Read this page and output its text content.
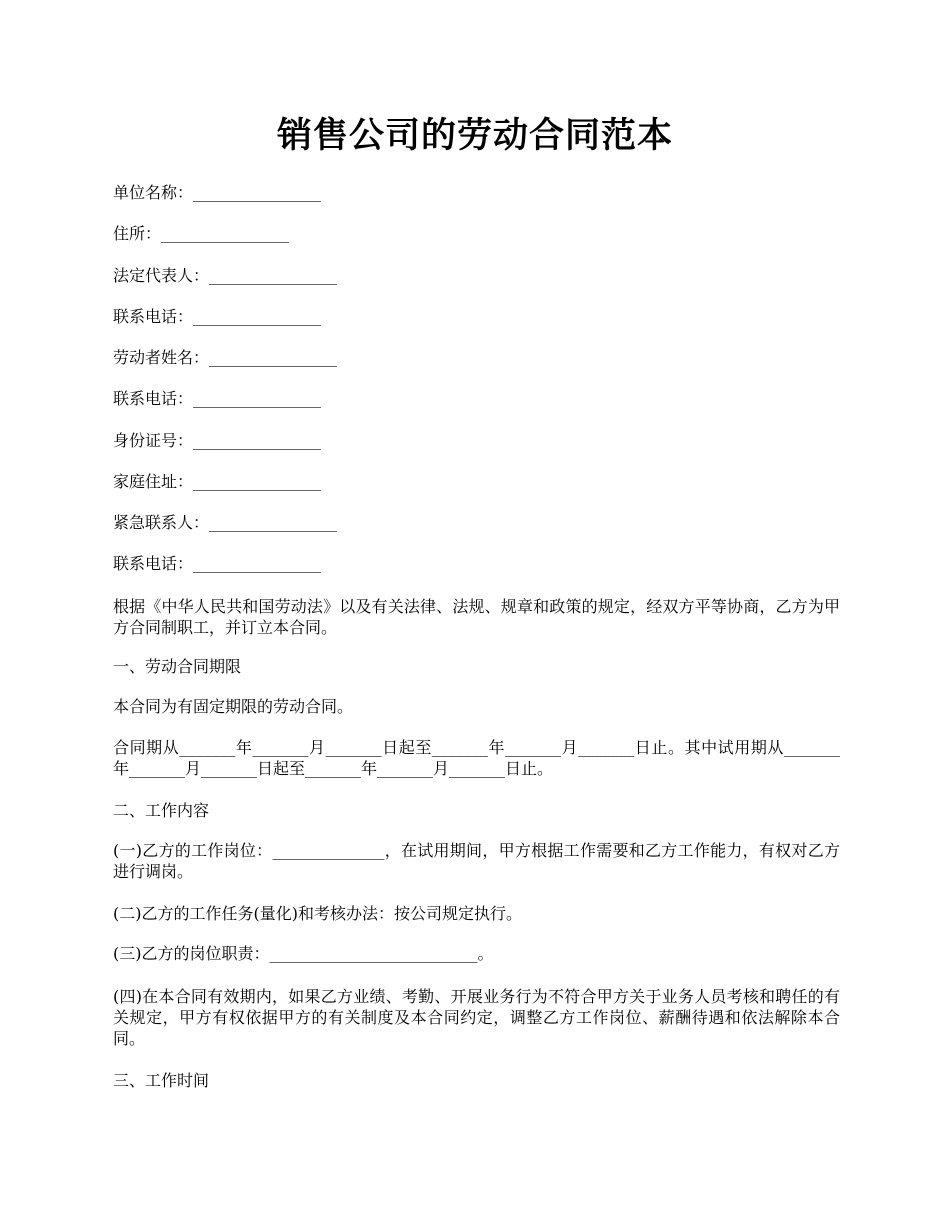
销售公司的劳动合同范本
单位名称：________________
住所：________________
法定代表人：________________
联系电话：________________
劳动者姓名：________________
联系电话：________________
身份证号：________________
家庭住址：________________
紧急联系人：________________
联系电话：________________
根据《中华人民共和国劳动法》以及有关法律、法规、规章和政策的规定，经双方平等协商，乙方为甲方合同制职工，并订立本合同。
一、劳动合同期限
本合同为有固定期限的劳动合同。
合同期从_______年_______月_______日起至_______年_______月_______日止。其中试用期从_______年_______月_______日起至_______年_______月_______日止。
二、工作内容
(一)乙方的工作岗位：______________，在试用期间，甲方根据工作需要和乙方工作能力，有权对乙方进行调岗。
(二)乙方的工作任务(量化)和考核办法：按公司规定执行。
(三)乙方的岗位职责：__________________________。
(四)在本合同有效期内，如果乙方业绩、考勤、开展业务行为不符合甲方关于业务人员考核和聘任的有关规定，甲方有权依据甲方的有关制度及本合同约定，调整乙方工作岗位、薪酬待遇和依法解除本合同。
三、工作时间
